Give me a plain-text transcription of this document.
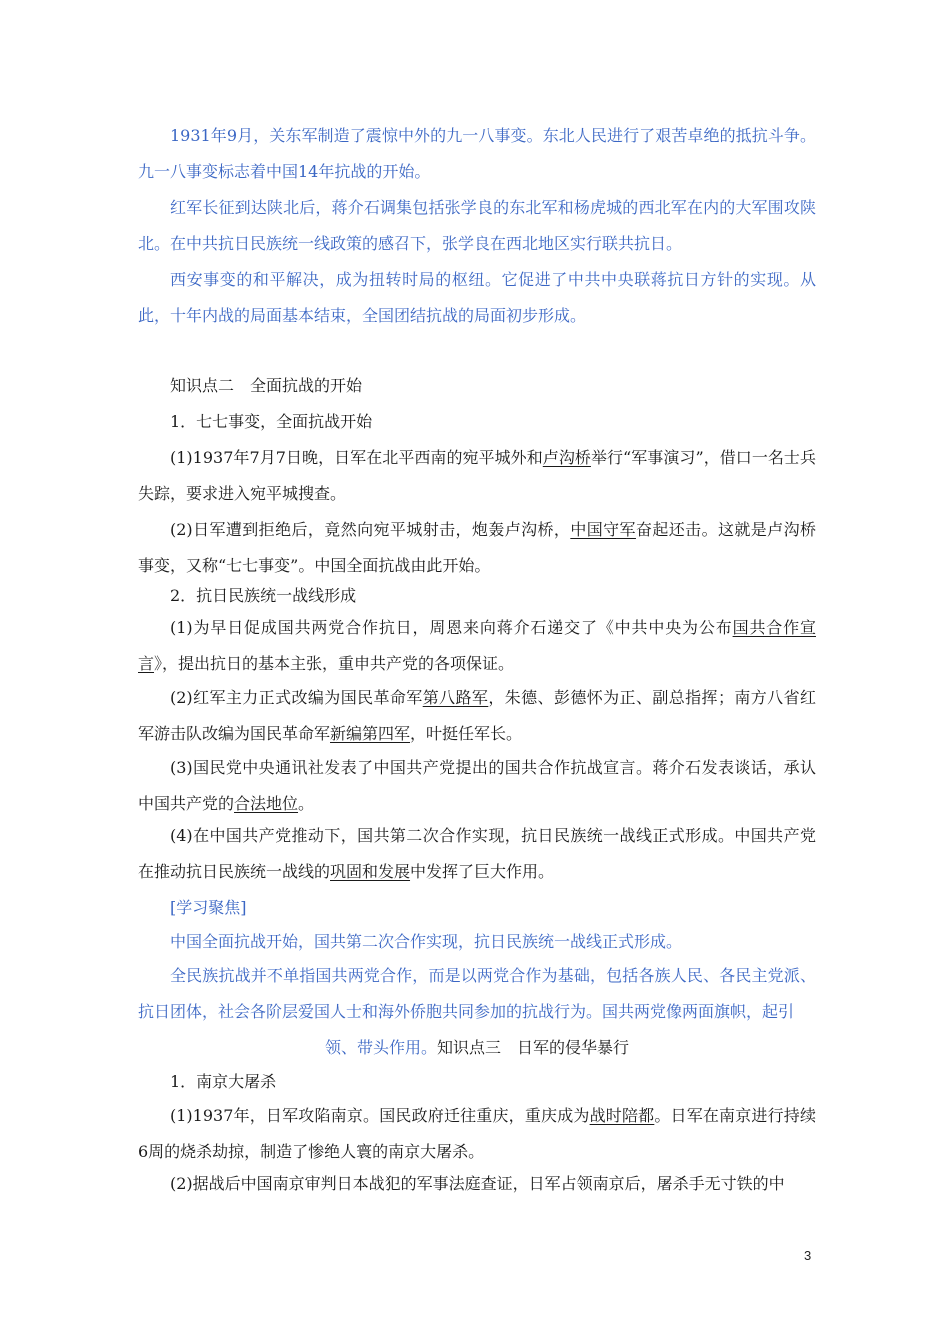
1931年9月，关东军制造了震惊中外的九一八事变。东北人民进行了艰苦卓绝的抵抗斗争。九一八事变标志着中国14年抗战的开始。

红军长征到达陕北后，蒋介石调集包括张学良的东北军和杨虎城的西北军在内的大军围攻陕北。在中共抗日民族统一线政策的感召下，张学良在西北地区实行联共抗日。

西安事变的和平解决，成为扭转时局的枢纽。它促进了中共中央联蒋抗日方针的实现。从此，十年内战的局面基本结束，全国团结抗战的局面初步形成。

知识点二　全面抗战的开始

1．七七事变，全面抗战开始

(1)1937年7月7日晚，日军在北平西南的宛平城外和卢沟桥举行“军事演习”，借口一名士兵失踪，要求进入宛平城搜查。

(2)日军遭到拒绝后，竟然向宛平城射击，炮轰卢沟桥，中国守军奋起还击。这就是卢沟桥事变，又称“七七事变”。中国全面抗战由此开始。

2．抗日民族统一战线形成

(1)为早日促成国共两党合作抗日，周恩来向蒋介石递交了《中共中央为公布国共合作宣言》，提出抗日的基本主张，重申共产党的各项保证。

(2)红军主力正式改编为国民革命军第八路军，朱德、彭德怀为正、副总指挥；南方八省红军游击队改编为国民革命军新编第四军，叶挺任军长。

(3)国民党中央通讯社发表了中国共产党提出的国共合作抗战宣言。蒋介石发表谈话，承认中国共产党的合法地位。

(4)在中国共产党推动下，国共第二次合作实现，抗日民族统一战线正式形成。中国共产党在推动抗日民族统一战线的巩固和发展中发挥了巨大作用。

[学习聚焦]

中国全面抗战开始，国共第二次合作实现，抗日民族统一战线正式形成。

全民族抗战并不单指国共两党合作，而是以两党合作为基础，包括各族人民、各民主党派、抗日团体，社会各阶层爱国人士和海外侨胞共同参加的抗战行为。国共两党像两面旗帜，起引

领、带头作用。知识点三　日军的侵华暴行

1．南京大屠杀

(1)1937年，日军攻陷南京。国民政府迁往重庆，重庆成为战时陪都。日军在南京进行持续6周的烧杀劫掠，制造了惨绝人寰的南京大屠杀。

(2)据战后中国南京审判日本战犯的军事法庭查证，日军占领南京后，屠杀手无寸铁的中

3
